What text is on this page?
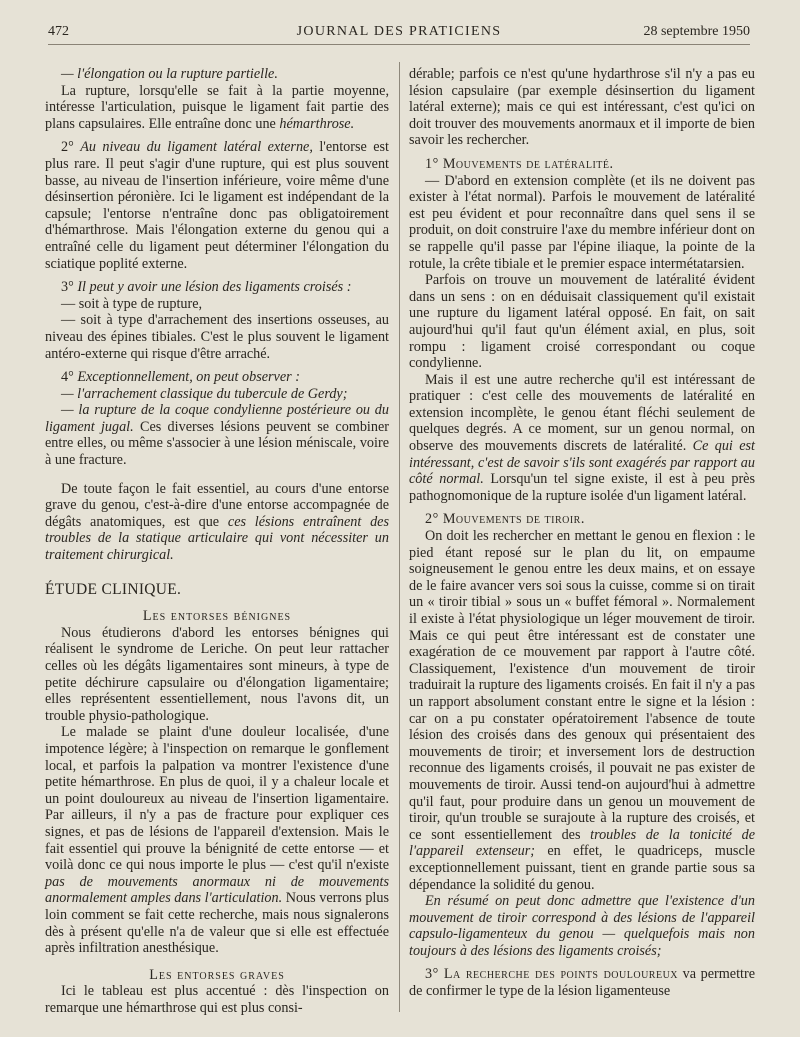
472	JOURNAL DES PRATICIENS	28 septembre 1950

— l'élongation ou la rupture partielle.

La rupture, lorsqu'elle se fait à la partie moyenne, intéresse l'articulation, puisque le ligament fait partie des plans capsulaires. Elle entraîne donc une hémarthrose.

2° Au niveau du ligament latéral externe, l'entorse est plus rare. Il peut s'agir d'une rupture, qui est plus souvent basse, au niveau de l'insertion inférieure, voire même d'une désinsertion péronière. Ici le ligament est indépendant de la capsule; l'entorse n'entraîne donc pas obligatoirement d'hémarthrose. Mais l'élongation externe du genou qui a entraîné celle du ligament peut déterminer l'élongation du sciatique poplité externe.

3° Il peut y avoir une lésion des ligaments croisés :

— soit à type de rupture,

— soit à type d'arrachement des insertions osseuses, au niveau des épines tibiales. C'est le plus souvent le ligament antéro-externe qui risque d'être arraché.

4° Exceptionnellement, on peut observer :

— l'arrachement classique du tubercule de Gerdy;

— la rupture de la coque condylienne postérieure ou du ligament jugal. Ces diverses lésions peuvent se combiner entre elles, ou même s'associer à une lésion méniscale, voire à une fracture.

De toute façon le fait essentiel, au cours d'une entorse grave du genou, c'est-à-dire d'une entorse accompagnée de dégâts anatomiques, est que ces lésions entraînent des troubles de la statique articulaire qui vont nécessiter un traitement chirurgical.

ÉTUDE CLINIQUE.

Les entorses bénignes

Nous étudierons d'abord les entorses bénignes qui réalisent le syndrome de Leriche. On peut leur rattacher celles où les dégâts ligamentaires sont mineurs, à type de petite déchirure capsulaire ou d'élongation ligamentaire; elles représentent essentiellement, nous l'avons dit, un trouble physio-pathologique.

Le malade se plaint d'une douleur localisée, d'une impotence légère; à l'inspection on remarque le gonflement local, et parfois la palpation va montrer l'existence d'une petite hémarthrose. En plus de quoi, il y a chaleur locale et un point douloureux au niveau de l'insertion ligamentaire. Par ailleurs, il n'y a pas de fracture pour expliquer ces signes, et pas de lésions de l'appareil d'extension. Mais le fait essentiel qui prouve la bénignité de cette entorse — et voilà donc ce qui nous importe le plus — c'est qu'il n'existe pas de mouvements anormaux ni de mouvements anormalement amples dans l'articulation. Nous verrons plus loin comment se fait cette recherche, mais nous signalerons dès à présent qu'elle n'a de valeur que si elle est effectuée après infiltration anesthésique.

Les entorses graves

Ici le tableau est plus accentué : dès l'inspection on remarque une hémarthrose qui est plus consi-

dérable; parfois ce n'est qu'une hydarthrose s'il n'y a pas eu lésion capsulaire (par exemple désinsertion du ligament latéral externe); mais ce qui est intéressant, c'est qu'ici on doit trouver des mouvements anormaux et il importe de bien savoir les rechercher.

1° Mouvements de latéralité.

— D'abord en extension complète (et ils ne doivent pas exister à l'état normal). Parfois le mouvement de latéralité est peu évident et pour reconnaître dans quel sens il se produit, on doit construire l'axe du membre inférieur dont on se rappelle qu'il passe par l'épine iliaque, la pointe de la rotule, la crête tibiale et le premier espace intermétatarsien.

Parfois on trouve un mouvement de latéralité évident dans un sens : on en déduisait classiquement qu'il existait une rupture du ligament latéral opposé. En fait, on sait aujourd'hui qu'il faut qu'un élément axial, en plus, soit rompu : ligament croisé correspondant ou coque condylienne.

Mais il est une autre recherche qu'il est intéressant de pratiquer : c'est celle des mouvements de latéralité en extension incomplète, le genou étant fléchi seulement de quelques degrés. A ce moment, sur un genou normal, on observe des mouvements discrets de latéralité. Ce qui est intéressant, c'est de savoir s'ils sont exagérés par rapport au côté normal. Lorsqu'un tel signe existe, il est à peu près pathognomonique de la rupture isolée d'un ligament latéral.

2° Mouvements de tiroir.

On doit les rechercher en mettant le genou en flexion : le pied étant reposé sur le plan du lit, on empaume soigneusement le genou entre les deux mains, et on essaye de le faire avancer vers soi sous la cuisse, comme si on tirait un « tiroir tibial » sous un « buffet fémoral ». Normalement il existe à l'état physiologique un léger mouvement de tiroir. Mais ce qui peut être intéressant est de constater une exagération de ce mouvement par rapport à l'autre côté. Classiquement, l'existence d'un mouvement de tiroir traduirait la rupture des ligaments croisés. En fait il n'y a pas un rapport absolument constant entre le signe et la lésion : car on a pu constater opératoirement l'absence de toute lésion des croisés dans des genoux qui présentaient des mouvements de tiroir; et inversement lors de destruction reconnue des ligaments croisés, il pouvait ne pas exister de mouvements de tiroir. Aussi tend-on aujourd'hui à admettre qu'il faut, pour produire dans un genou un mouvement de tiroir, qu'un trouble se surajoute à la rupture des croisés, et ce sont essentiellement des troubles de la tonicité de l'appareil extenseur; en effet, le quadriceps, muscle exceptionnellement puissant, tient en grande partie sous sa dépendance la solidité du genou.

En résumé on peut donc admettre que l'existence d'un mouvement de tiroir correspond à des lésions de l'appareil capsulo-ligamenteux du genou — quelquefois mais non toujours à des lésions des ligaments croisés;

3° La recherche des points douloureux va permettre de confirmer le type de la lésion ligamenteuse
